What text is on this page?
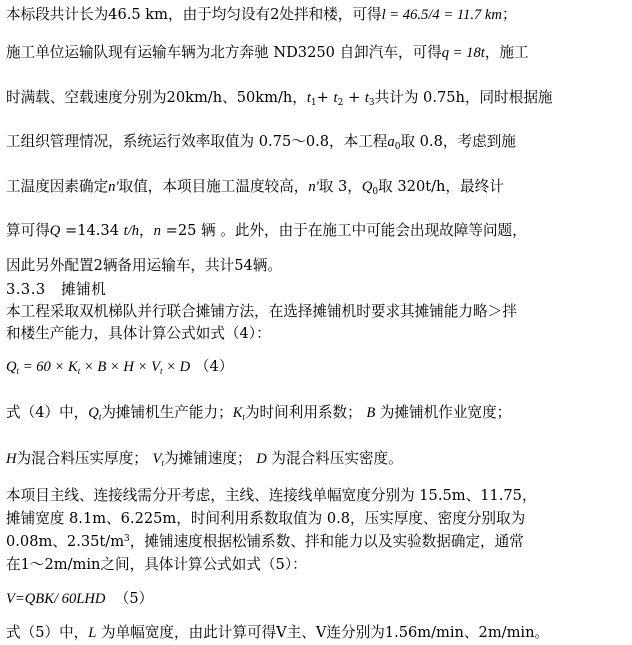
本标段共计长为46.5 km，由于均匀设有2处拌和楼，可得l = 46.5/4 = 11.7 km；
施工单位运输队现有运输车辆为北方奔驰 ND3250 自卸汽车，可得q = 18t，施工
时满载、空载速度分别为20km/h、50km/h，$t_1+ t_2 + t_3$共计为 0.75h，同时根据施
工组织管理情况，系统运行效率取值为 0.75～0.8，本工程$a_0$取 0.8，考虑到施
工温度因素确定n'取值，本项目施工温度较高，n'取 3，$Q_0$取 320t/h，最终计
算可得Q =14.34 t/h，n =25 辆 。此外，由于在施工中可能会出现故障等问题，
因此另外配置2辆备用运输车，共计54辆。
3.3.3 摊铺机
本工程采取双机梯队并行联合摊铺方法，在选择摊铺机时要求其摊铺能力略＞拌
和楼生产能力，具体计算公式如式（4）：
$Q_t = 60 \times K_t \times B \times H \times V_t \times D$ （4）
式（4）中，$Q_t$为摊铺机生产能力；$K_t$为时间利用系数； B 为摊铺机作业宽度；
H为混合料压实厚度； $V_t$为摊铺速度； D 为混合料压实密度。
本项目主线、连接线需分开考虑，主线、连接线单幅宽度分别为 15.5m、11.75，
摊铺宽度 8.1m、6.225m，时间利用系数取值为 0.8，压实厚度、密度分别取为
0.08m、$2.35t/m^3$，摊铺速度根据松铺系数、拌和能力以及实验数据确定，通常
在1～2m/min之间，具体计算公式如式（5）：
V=QBK/ 60LHD （5）
式（5）中，L 为单幅宽度，由此计算可得V主、V连分别为1.56m/min、2m/min。
